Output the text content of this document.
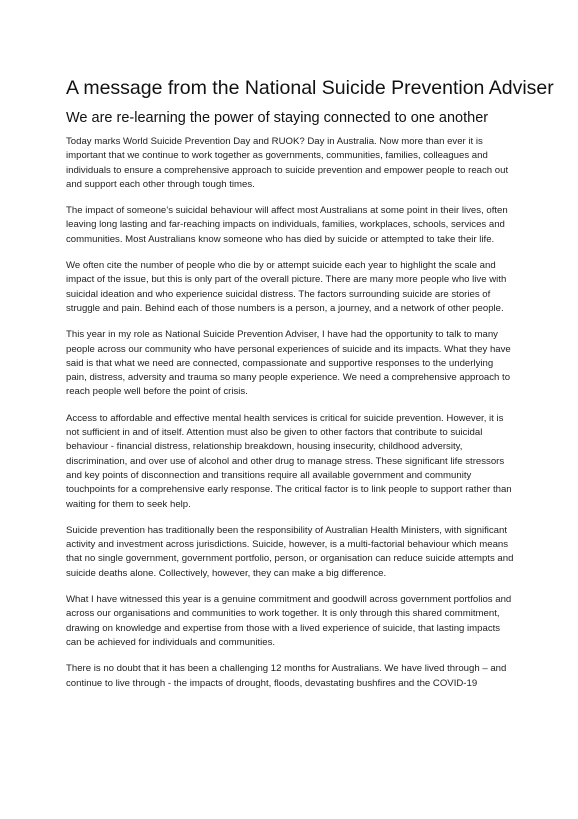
A message from the National Suicide Prevention Adviser
We are re-learning the power of staying connected to one another

Today marks World Suicide Prevention Day and RUOK? Day in Australia. Now more than ever it is important that we continue to work together as governments, communities, families, colleagues and individuals to ensure a comprehensive approach to suicide prevention and empower people to reach out and support each other through tough times.

The impact of someone’s suicidal behaviour will affect most Australians at some point in their lives, often leaving long lasting and far-reaching impacts on individuals, families, workplaces, schools, services and communities. Most Australians know someone who has died by suicide or attempted to take their life.

We often cite the number of people who die by or attempt suicide each year to highlight the scale and impact of the issue, but this is only part of the overall picture. There are many more people who live with suicidal ideation and who experience suicidal distress. The factors surrounding suicide are stories of struggle and pain. Behind each of those numbers is a person, a journey, and a network of other people.

This year in my role as National Suicide Prevention Adviser, I have had the opportunity to talk to many people across our community who have personal experiences of suicide and its impacts. What they have said is that what we need are connected, compassionate and supportive responses to the underlying pain, distress, adversity and trauma so many people experience. We need a comprehensive approach to reach people well before the point of crisis.

Access to affordable and effective mental health services is critical for suicide prevention. However, it is not sufficient in and of itself. Attention must also be given to other factors that contribute to suicidal behaviour - financial distress, relationship breakdown, housing insecurity, childhood adversity, discrimination, and over use of alcohol and other drug to manage stress. These significant life stressors and key points of disconnection and transitions require all available government and community touchpoints for a comprehensive early response. The critical factor is to link people to support rather than waiting for them to seek help.

Suicide prevention has traditionally been the responsibility of Australian Health Ministers, with significant activity and investment across jurisdictions. Suicide, however, is a multi-factorial behaviour which means that no single government, government portfolio, person, or organisation can reduce suicide attempts and suicide deaths alone. Collectively, however, they can make a big difference.

What I have witnessed this year is a genuine commitment and goodwill across government portfolios and across our organisations and communities to work together. It is only through this shared commitment, drawing on knowledge and expertise from those with a lived experience of suicide, that lasting impacts can be achieved for individuals and communities.

There is no doubt that it has been a challenging 12 months for Australians. We have lived through – and continue to live through - the impacts of drought, floods, devastating bushfires and the COVID-19
